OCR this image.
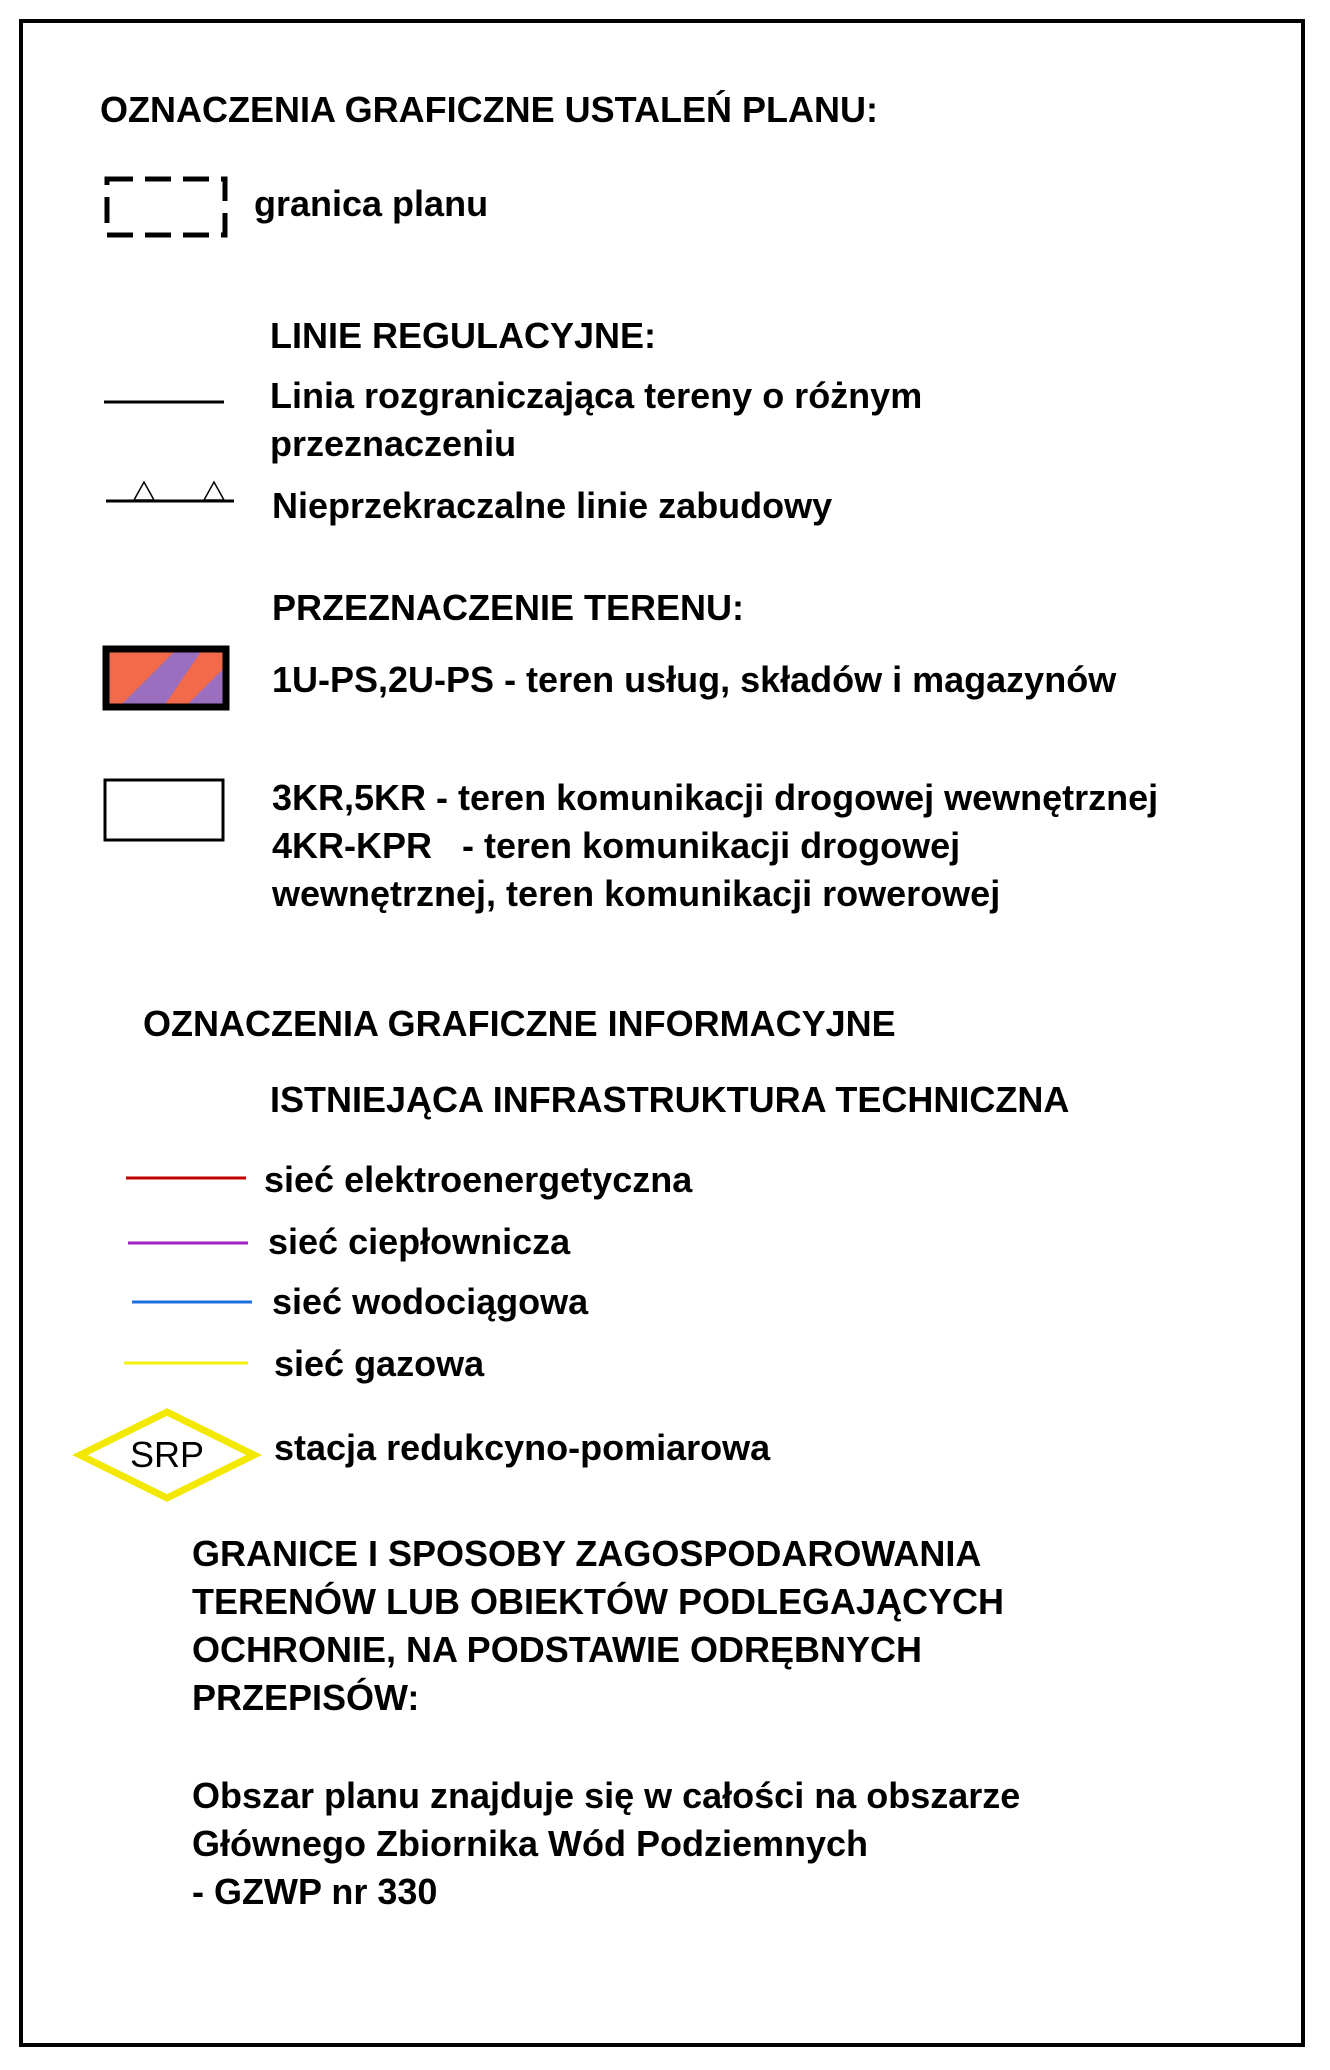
OZNACZENIA GRAFICZNE USTALEŃ PLANU:
granica planu
LINIE REGULACYJNE:
Linia rozgraniczająca tereny o różnym
przeznaczeniu
Nieprzekraczalne linie zabudowy
PRZEZNACZENIE TERENU:
1U-PS,2U-PS - teren usług, składów i magazynów
3KR,5KR - teren komunikacji drogowej wewnętrznej
4KR-KPR   - teren komunikacji drogowej
wewnętrznej, teren komunikacji rowerowej
OZNACZENIA GRAFICZNE INFORMACYJNE
ISTNIEJĄCA INFRASTRUKTURA TECHNICZNA
sieć elektroenergetyczna
sieć ciepłownicza
sieć wodociągowa
sieć gazowa
SRP	stacja redukcyno-pomiarowa
GRANICE I SPOSOBY ZAGOSPODAROWANIA
TERENÓW LUB OBIEKTÓW PODLEGAJĄCYCH
OCHRONIE, NA PODSTAWIE ODRĘBNYCH
PRZEPISÓW:
Obszar planu znajduje się w całości na obszarze
Głównego Zbiornika Wód Podziemnych
- GZWP nr 330
